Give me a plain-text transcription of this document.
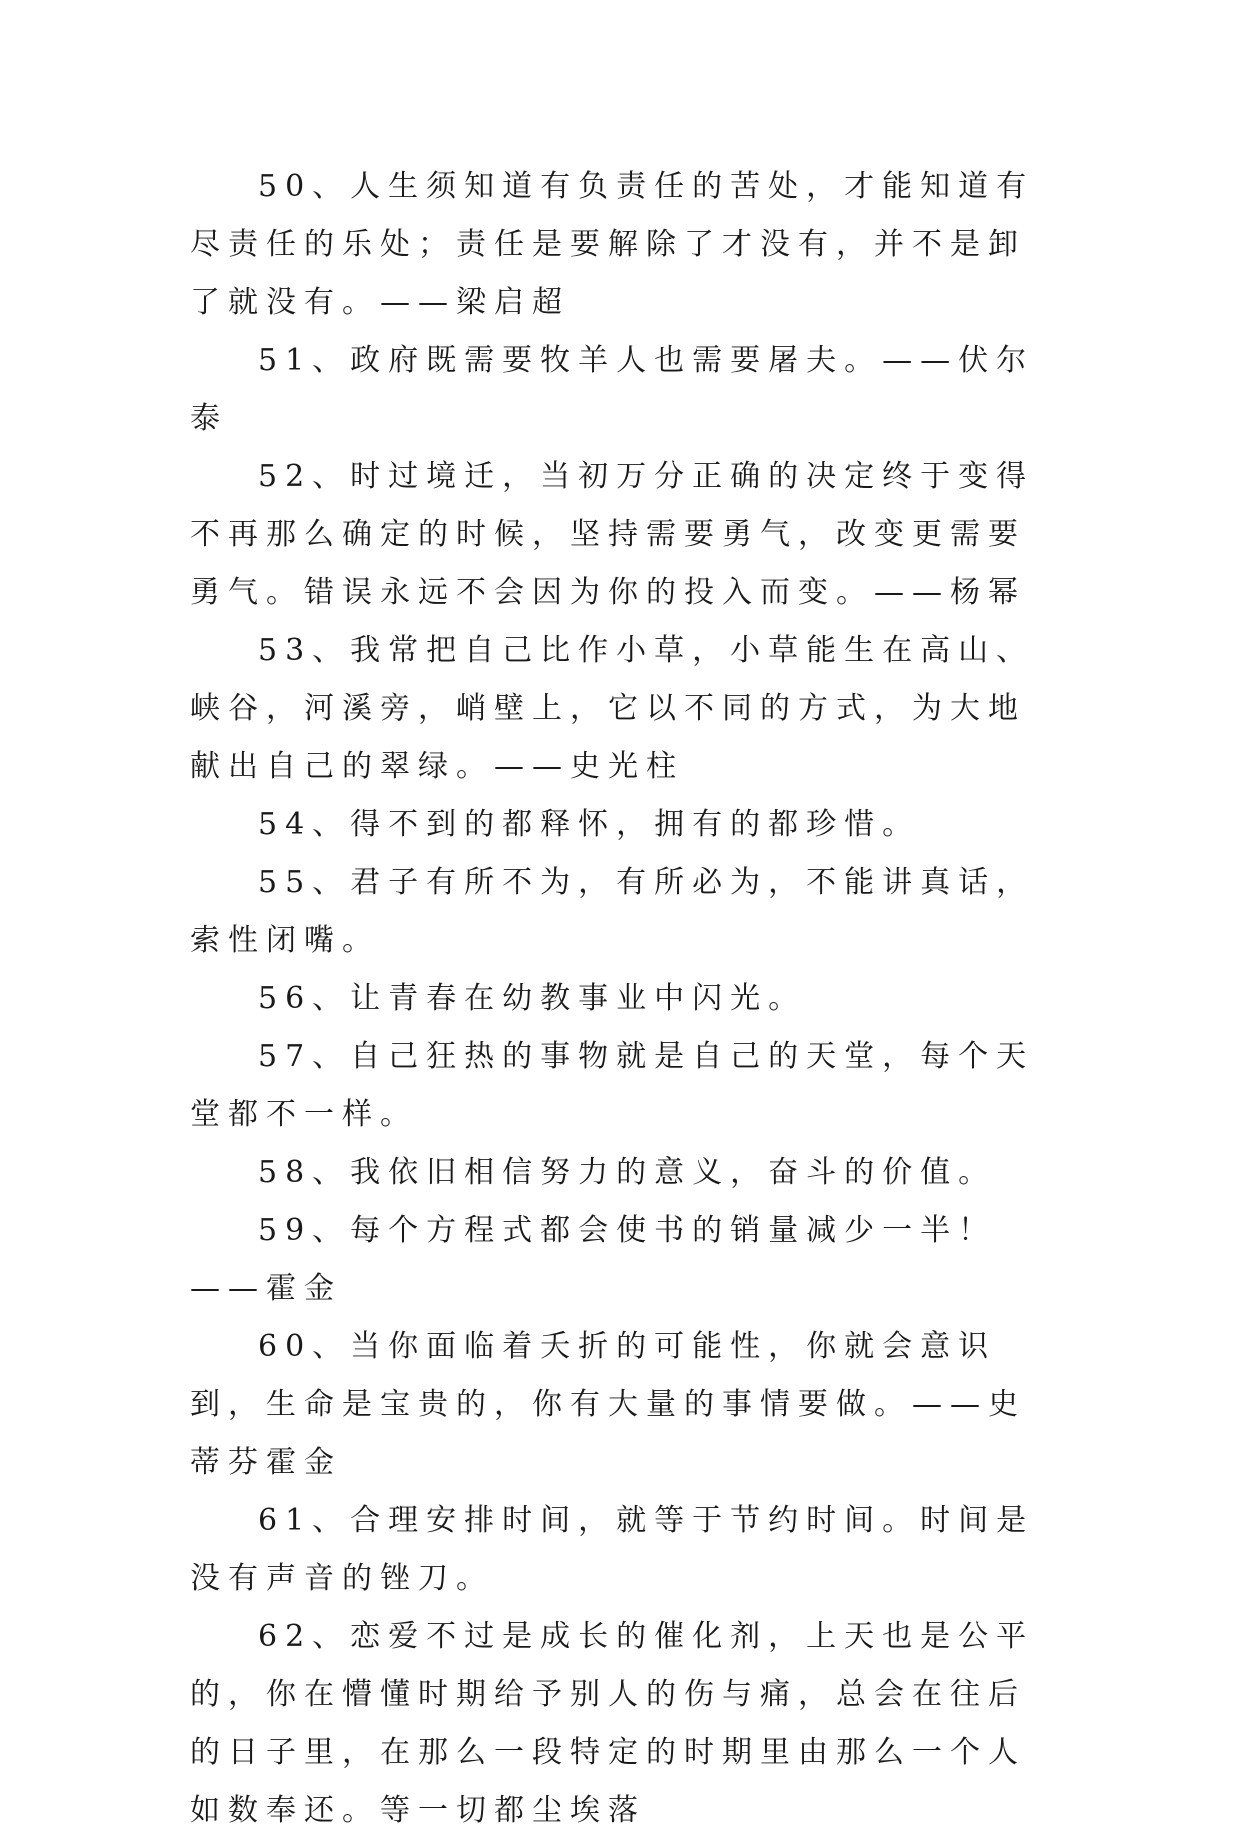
50、人生须知道有负责任的苦处，才能知道有尽责任的乐处；责任是要解除了才没有，并不是卸了就没有。——梁启超

51、政府既需要牧羊人也需要屠夫。——伏尔泰

52、时过境迁，当初万分正确的决定终于变得不再那么确定的时候，坚持需要勇气，改变更需要勇气。错误永远不会因为你的投入而变。——杨幂

53、我常把自己比作小草，小草能生在高山、峡谷，河溪旁，峭壁上，它以不同的方式，为大地献出自己的翠绿。——史光柱

54、得不到的都释怀，拥有的都珍惜。

55、君子有所不为，有所必为，不能讲真话，索性闭嘴。

56、让青春在幼教事业中闪光。

57、自己狂热的事物就是自己的天堂，每个天堂都不一样。

58、我依旧相信努力的意义，奋斗的价值。

59、每个方程式都会使书的销量减少一半！——霍金

60、当你面临着夭折的可能性，你就会意识到，生命是宝贵的，你有大量的事情要做。——史蒂芬霍金

61、合理安排时间，就等于节约时间。时间是没有声音的锉刀。

62、恋爱不过是成长的催化剂，上天也是公平的，你在懵懂时期给予别人的伤与痛，总会在往后的日子里，在那么一段特定的时期里由那么一个人如数奉还。等一切都尘埃落
